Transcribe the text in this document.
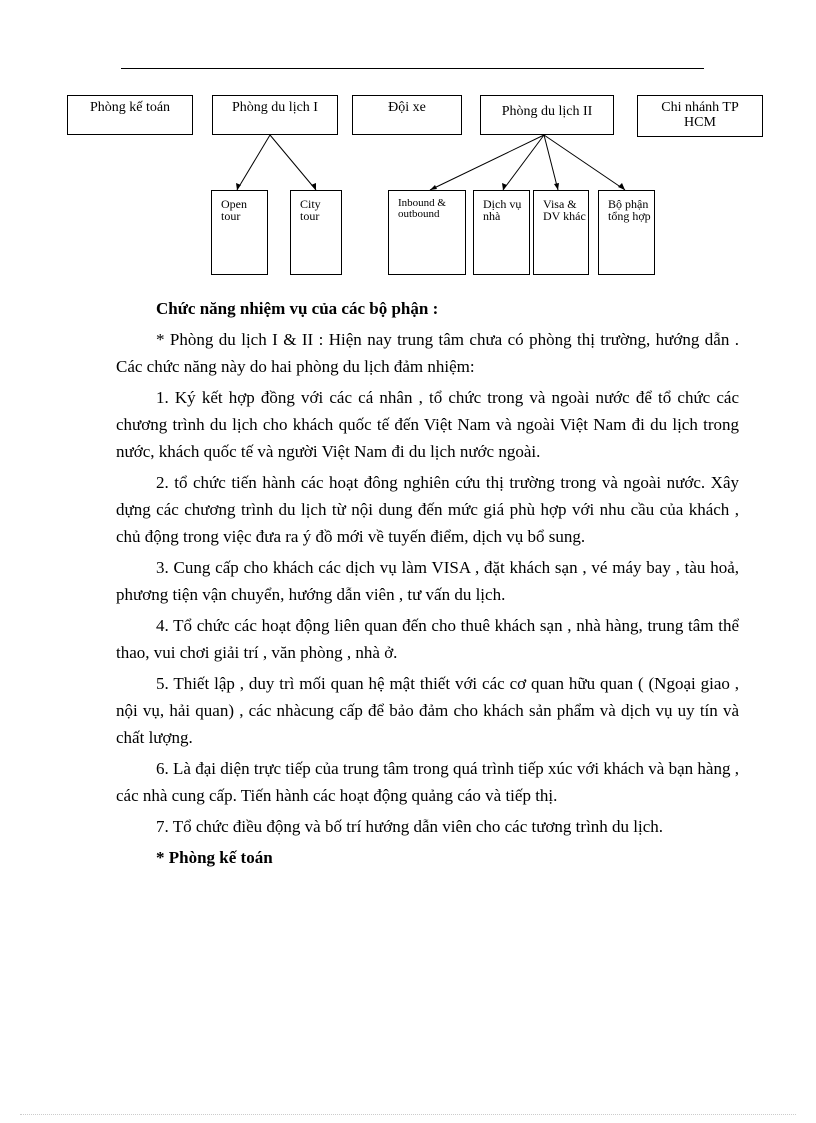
Phòng kế toán	Phòng du lịch I	Đội xe	Phòng du lịch II	Chi nhánh TP HCM
Open tour
City tour
Inbound & outbound
Dịch vụ nhà
Visa & DV khác
Bộ phận tổng hợp

Chức năng nhiệm vụ của các bộ phận :

* Phòng du lịch I & II : Hiện nay trung tâm chưa có phòng thị trường, hướng dẫn . Các chức năng này do hai phòng du lịch đảm nhiệm:

1. Ký kết hợp đồng với các cá nhân , tổ chức trong và ngoài nước để tổ chức các chương trình du lịch cho khách quốc tế đến Việt Nam và ngoài Việt Nam đi du lịch trong nước, khách quốc tế và người Việt Nam đi du lịch nước ngoài.

2. tổ chức tiến hành các hoạt đông nghiên cứu thị trường trong và ngoài nước. Xây dựng các chương trình du lịch từ nội dung đến mức giá phù hợp với nhu cầu của khách , chủ động trong việc đưa ra ý đồ mới về tuyến điểm, dịch vụ bổ sung.

3. Cung cấp cho khách các dịch vụ làm VISA , đặt khách sạn , vé máy bay , tàu hoả, phương tiện vận chuyển, hướng dẫn viên , tư vấn du lịch.

4. Tổ chức các hoạt động liên quan đến cho thuê khách sạn , nhà hàng, trung tâm thể thao, vui chơi giải trí , văn phòng , nhà ở.

5. Thiết lập , duy trì mối quan hệ mật thiết với các cơ quan hữu quan ( (Ngoại giao , nội vụ, hải quan) , các nhàcung cấp để bảo đảm cho khách sản phẩm và dịch vụ uy tín và chất lượng.

6. Là đại diện trực tiếp của trung tâm trong quá trình tiếp xúc với khách và bạn hàng , các nhà cung cấp. Tiến hành các hoạt động quảng cáo và tiếp thị.

7. Tổ chức điều động và bố trí hướng dẫn viên cho các tương trình du lịch.

* Phòng kế toán
